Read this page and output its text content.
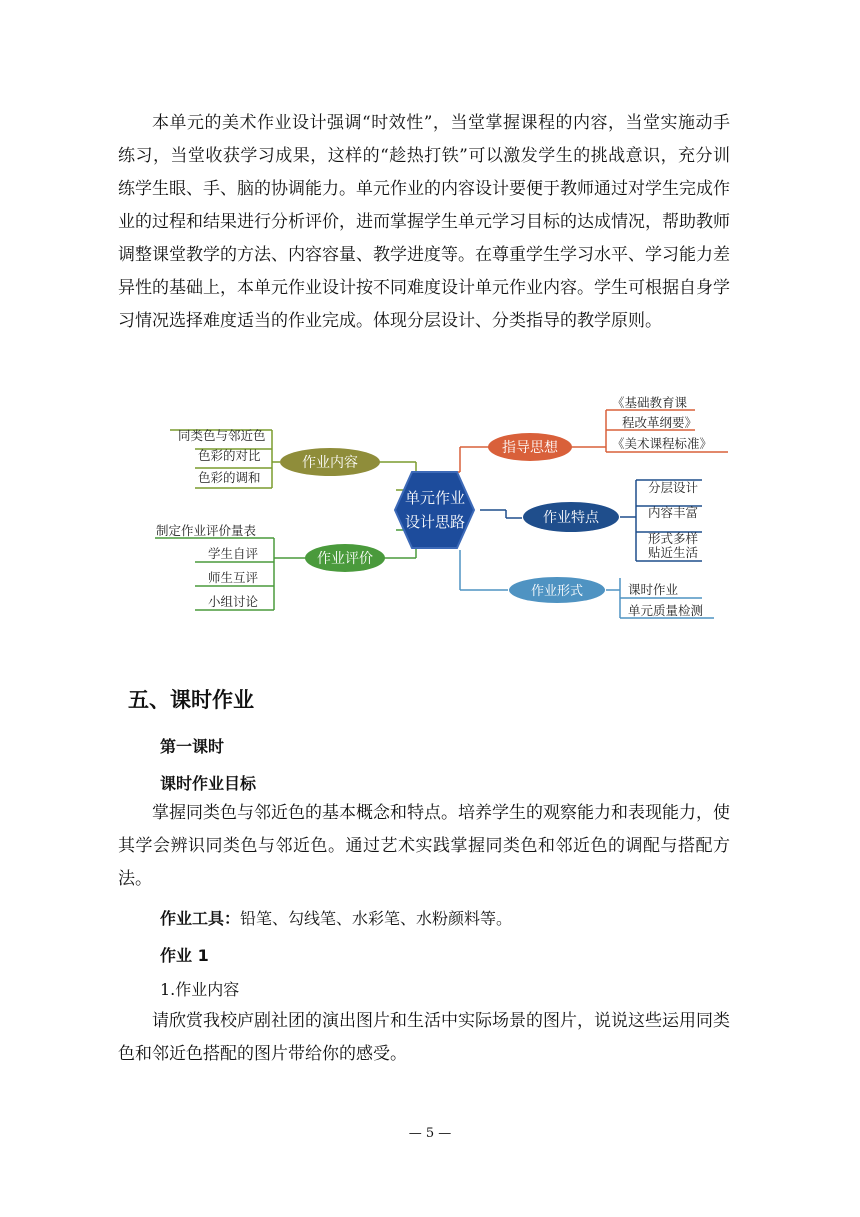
本单元的美术作业设计强调“时效性”，当堂掌握课程的内容，当堂实施动手练习，当堂收获学习成果，这样的“趁热打铁”可以激发学生的挑战意识，充分训练学生眼、手、脑的协调能力。单元作业的内容设计要便于教师通过对学生完成作业的过程和结果进行分析评价，进而掌握学生单元学习目标的达成情况，帮助教师调整课堂教学的方法、内容容量、教学进度等。在尊重学生学习水平、学习能力差异性的基础上，本单元作业设计按不同难度设计单元作业内容。学生可根据自身学习情况选择难度适当的作业完成。体现分层设计、分类指导的教学原则。

单元作业
设计思路
作业内容
同类色与邻近色
色彩的对比
色彩的调和
作业评价
制定作业评价量表
学生自评
师生互评
小组讨论
指导思想
《基础教育课
程改革纲要》
《美术课程标准》
作业特点
分层设计
内容丰富
形式多样
贴近生活
作业形式	课时作业
单元质量检测

五、课时作业

第一课时

课时作业目标

掌握同类色与邻近色的基本概念和特点。培养学生的观察能力和表现能力，使其学会辨识同类色与邻近色。通过艺术实践掌握同类色和邻近色的调配与搭配方法。

作业工具：铅笔、勾线笔、水彩笔、水粉颜料等。

作业 1

1.作业内容

请欣赏我校庐剧社团的演出图片和生活中实际场景的图片，说说这些运用同类色和邻近色搭配的图片带给你的感受。

— 5 —
